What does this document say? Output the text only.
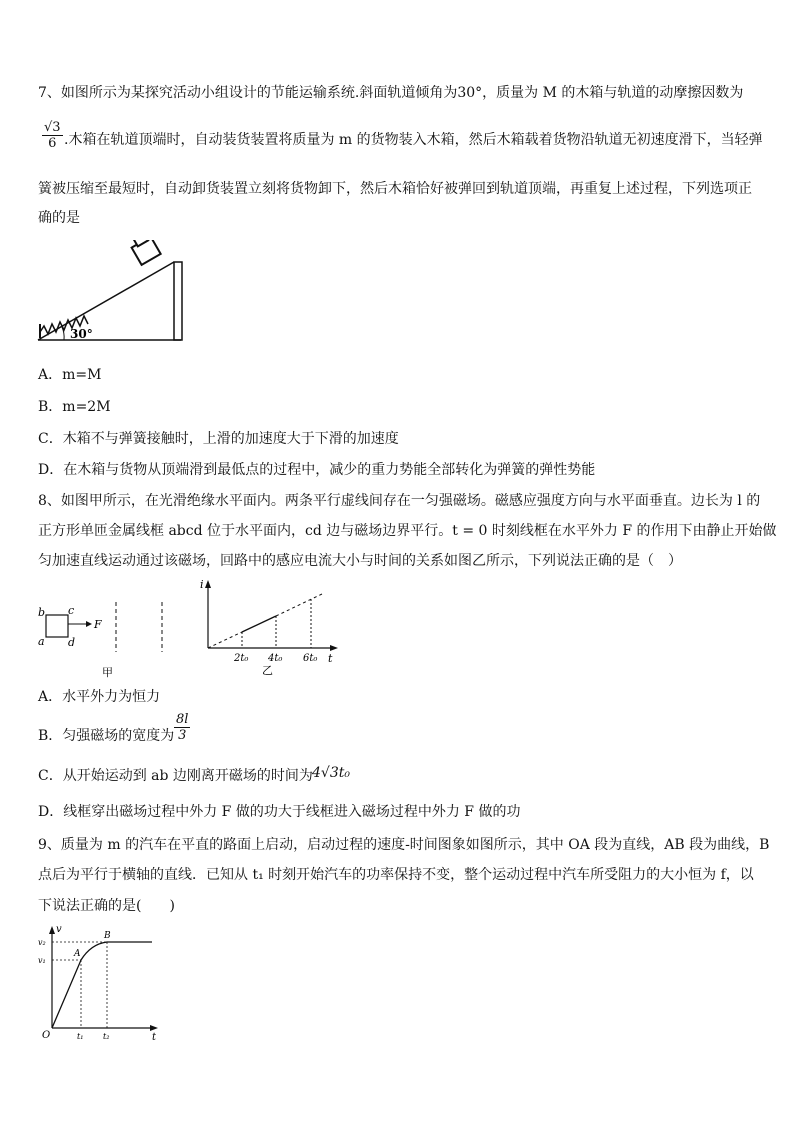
7、如图所示为某探究活动小组设计的节能运输系统.斜面轨道倾角为30°，质量为 M 的木箱与轨道的动摩擦因数为
$\frac{√3}{6}$ .木箱在轨道顶端时，自动装货装置将质量为 m 的货物装入木箱，然后木箱载着货物沿轨道无初速度滑下，当轻弹
簧被压缩至最短时，自动卸货装置立刻将货物卸下，然后木箱恰好被弹回到轨道顶端，再重复上述过程，下列选项正
确的是
30°
A．m=M
B．m=2M
C．木箱不与弹簧接触时，上滑的加速度大于下滑的加速度
D．在木箱与货物从顶端滑到最低点的过程中，减少的重力势能全部转化为弹簧的弹性势能
8、如图甲所示，在光滑绝缘水平面内。两条平行虚线间存在一匀强磁场。磁感应强度方向与水平面垂直。边长为 l 的
正方形单匝金属线框 abcd 位于水平面内，cd 边与磁场边界平行。t = 0 时刻线框在水平外力 F 的作用下由静止开始做
匀加速直线运动通过该磁场，回路中的感应电流大小与时间的关系如图乙所示，下列说法正确的是（　）
b c
a d
F
甲
i
t
2t₀ 4t₀ 6t₀
乙
A．水平外力为恒力
B．匀强磁场的宽度为 $\frac{8l}{3}$
C．从开始运动到 ab 边刚离开磁场的时间为 4√3t₀
D．线框穿出磁场过程中外力 F 做的功大于线框进入磁场过程中外力 F 做的功
9、质量为 m 的汽车在平直的路面上启动，启动过程的速度-时间图象如图所示，其中 OA 段为直线，AB 段为曲线，B
点后为平行于横轴的直线．已知从 t₁ 时刻开始汽车的功率保持不变，整个运动过程中汽车所受阻力的大小恒为 f，以
下说法正确的是(　　)
v
t
O
v₂
v₁
t₁ t₂
A
B
